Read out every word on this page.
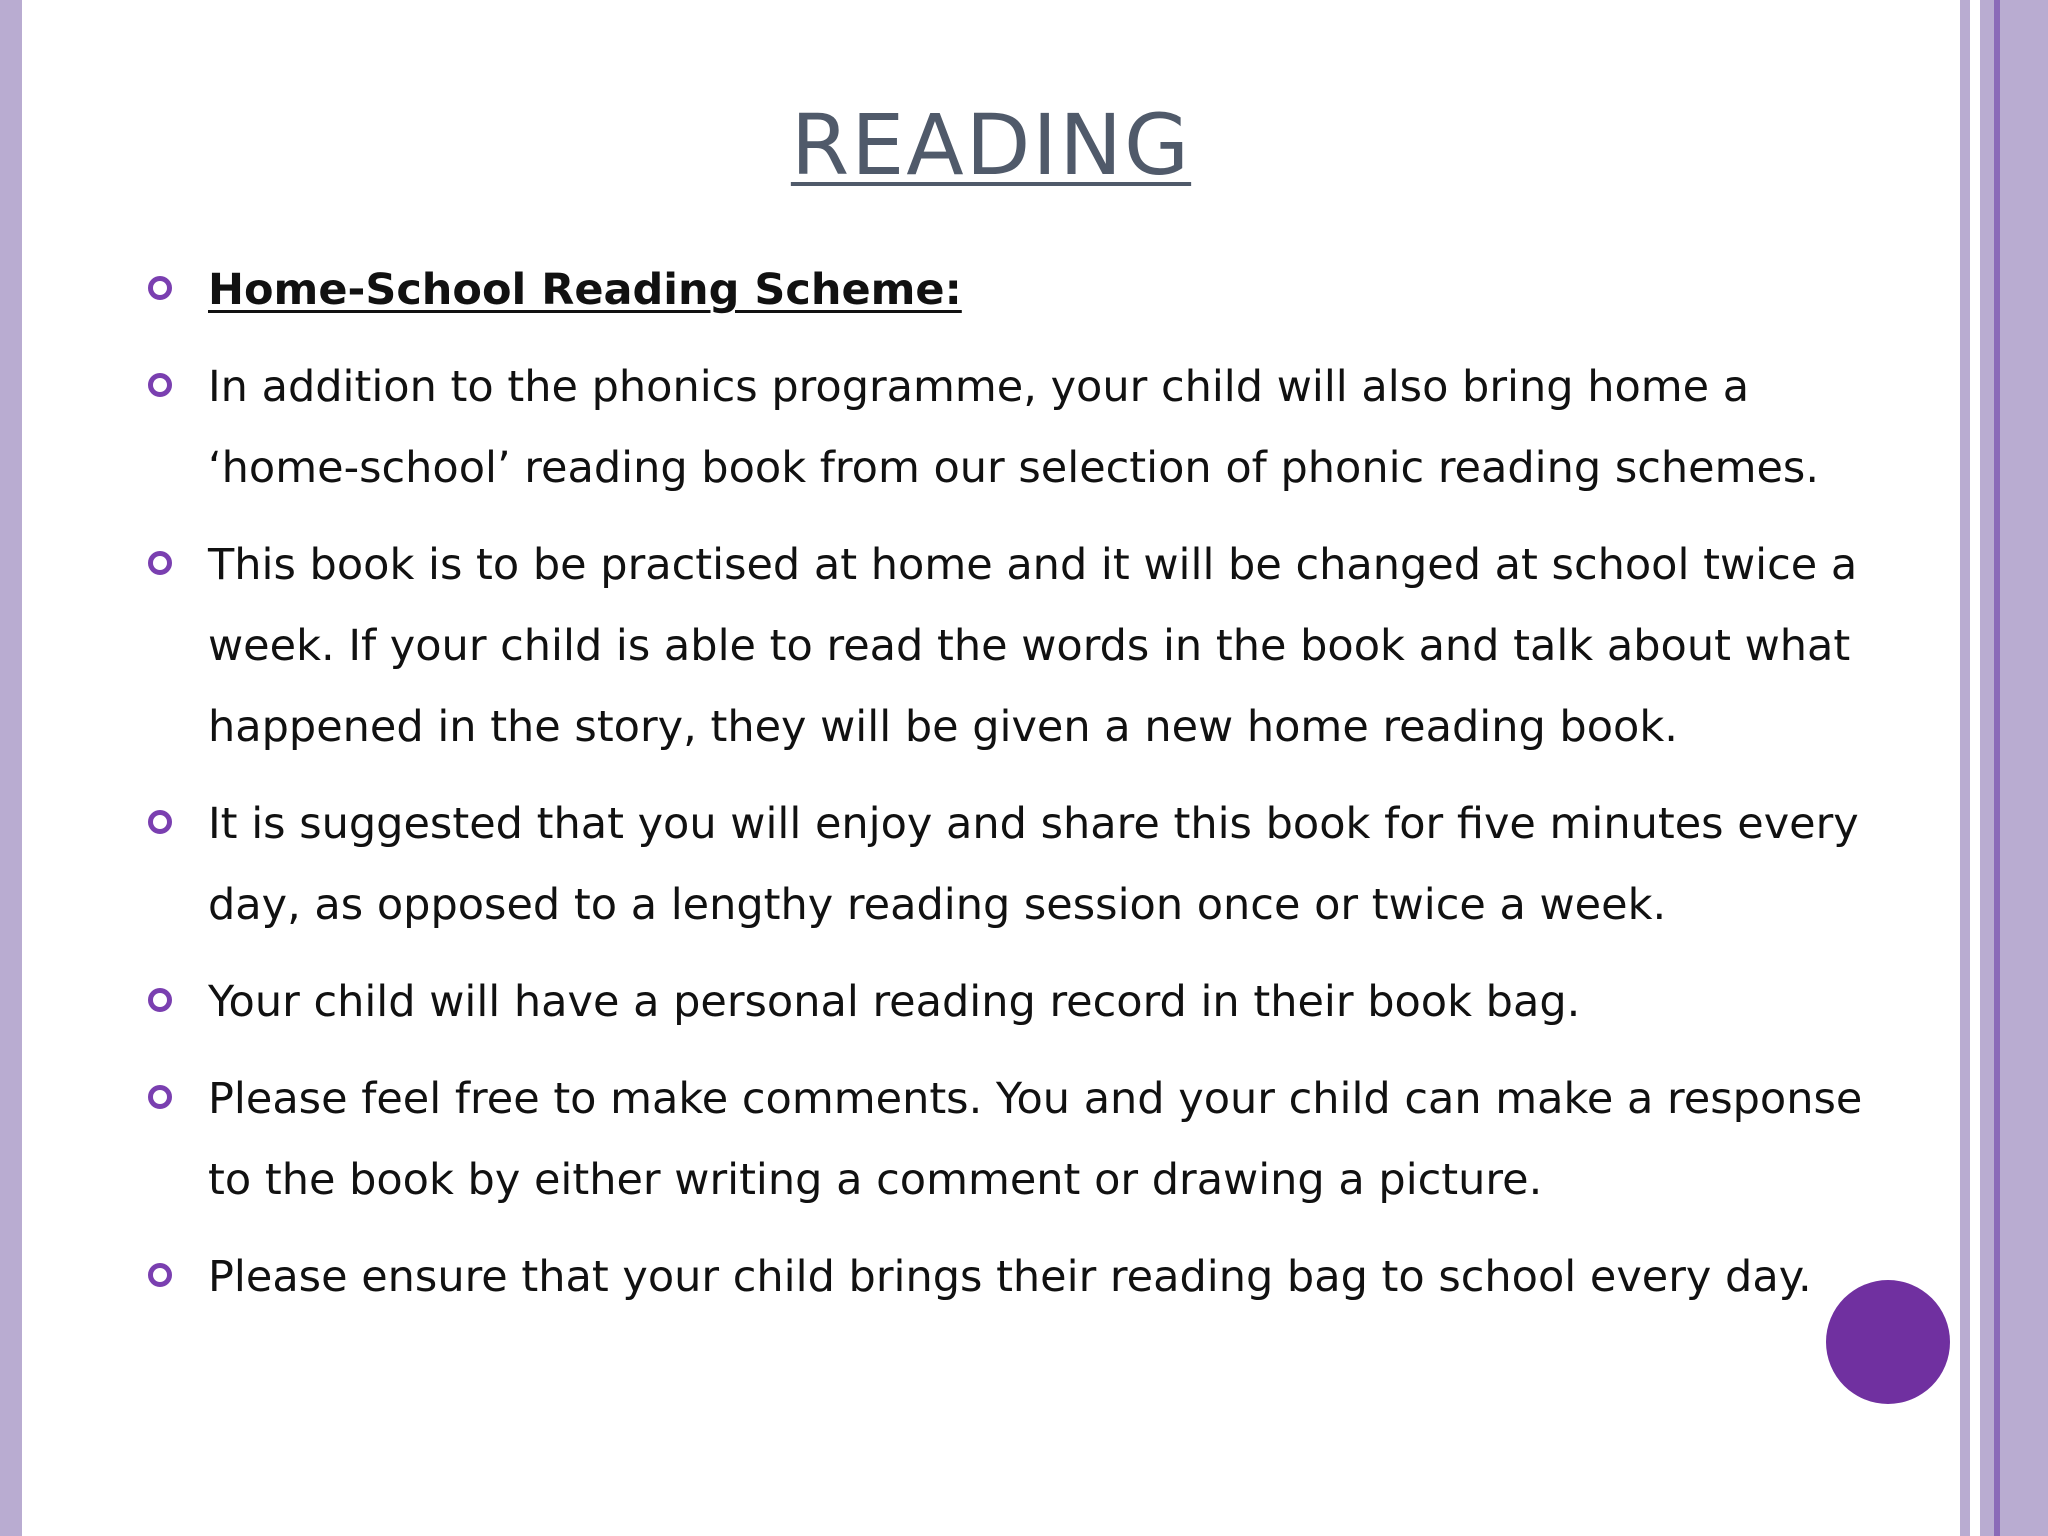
READING
Home-School Reading Scheme:
In addition to the phonics programme, your child will also bring home a ‘home-school’ reading book from our selection of phonic reading schemes.
This book is to be practised at home and it will be changed at school twice a week. If your child is able to read the words in the book and talk about what happened in the story, they will be given a new home reading book.
It is suggested that you will enjoy and share this book for five minutes every day, as opposed to a lengthy reading session once or twice a week.
Your child will have a personal reading record in their book bag.
Please feel free to make comments. You and your child can make a response to the book by either writing a comment or drawing a picture.
Please ensure that your child brings their reading bag to school every day.
